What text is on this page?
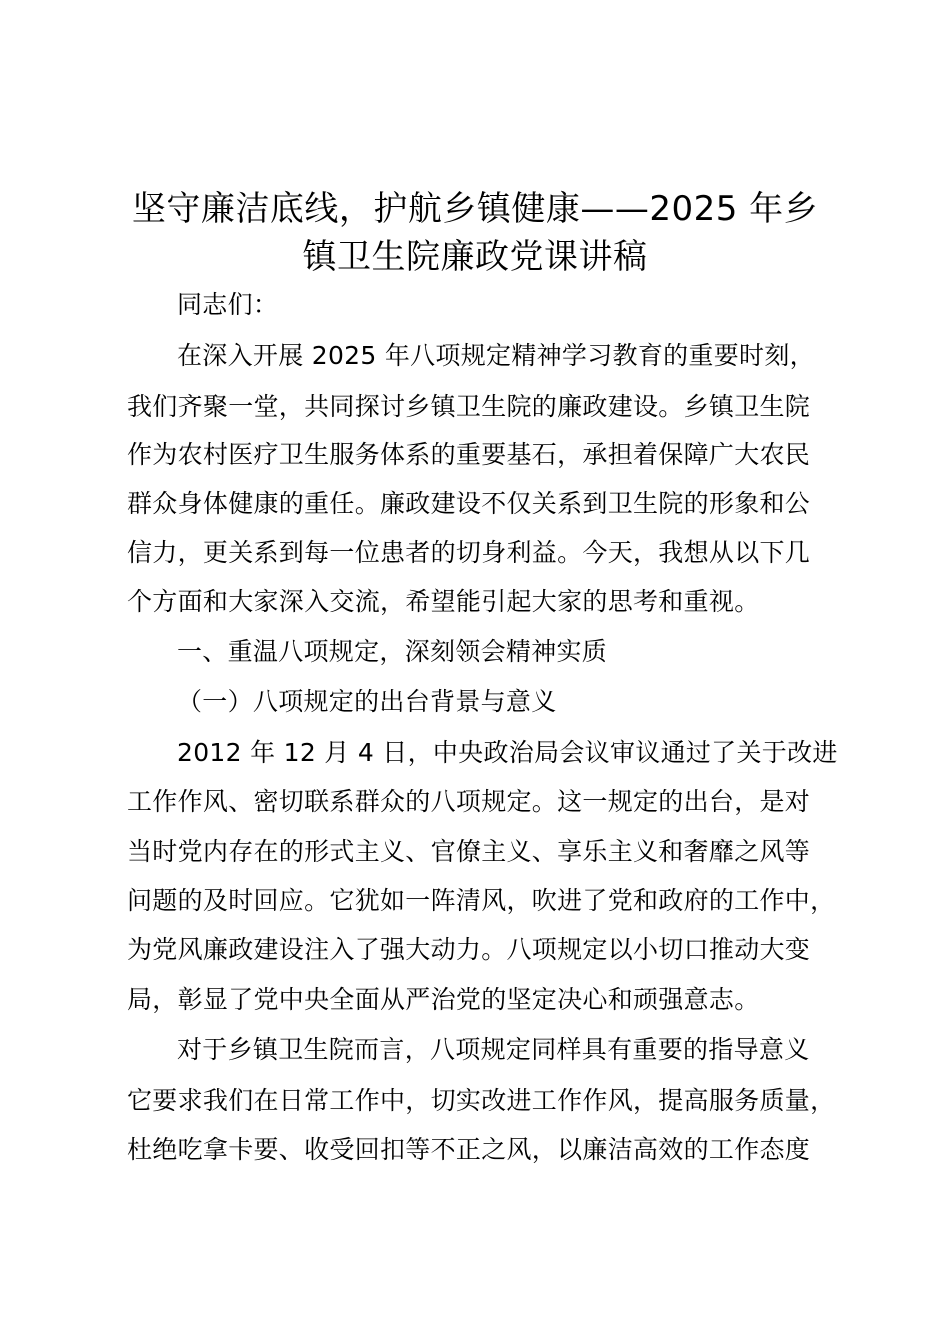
坚守廉洁底线，护航乡镇健康——2025 年乡
镇卫生院廉政党课讲稿
同志们：
在深入开展 2025 年八项规定精神学习教育的重要时刻，
我们齐聚一堂，共同探讨乡镇卫生院的廉政建设。乡镇卫生院
作为农村医疗卫生服务体系的重要基石，承担着保障广大农民
群众身体健康的重任。廉政建设不仅关系到卫生院的形象和公
信力，更关系到每一位患者的切身利益。今天，我想从以下几
个方面和大家深入交流，希望能引起大家的思考和重视。
一、重温八项规定，深刻领会精神实质
（一）八项规定的出台背景与意义
2012 年 12 月 4 日，中央政治局会议审议通过了关于改进
工作作风、密切联系群众的八项规定。这一规定的出台，是对
当时党内存在的形式主义、官僚主义、享乐主义和奢靡之风等
问题的及时回应。它犹如一阵清风，吹进了党和政府的工作中，
为党风廉政建设注入了强大动力。八项规定以小切口推动大变
局，彰显了党中央全面从严治党的坚定决心和顽强意志。
对于乡镇卫生院而言，八项规定同样具有重要的指导意义
它要求我们在日常工作中，切实改进工作作风，提高服务质量，
杜绝吃拿卡要、收受回扣等不正之风，以廉洁高效的工作态度
